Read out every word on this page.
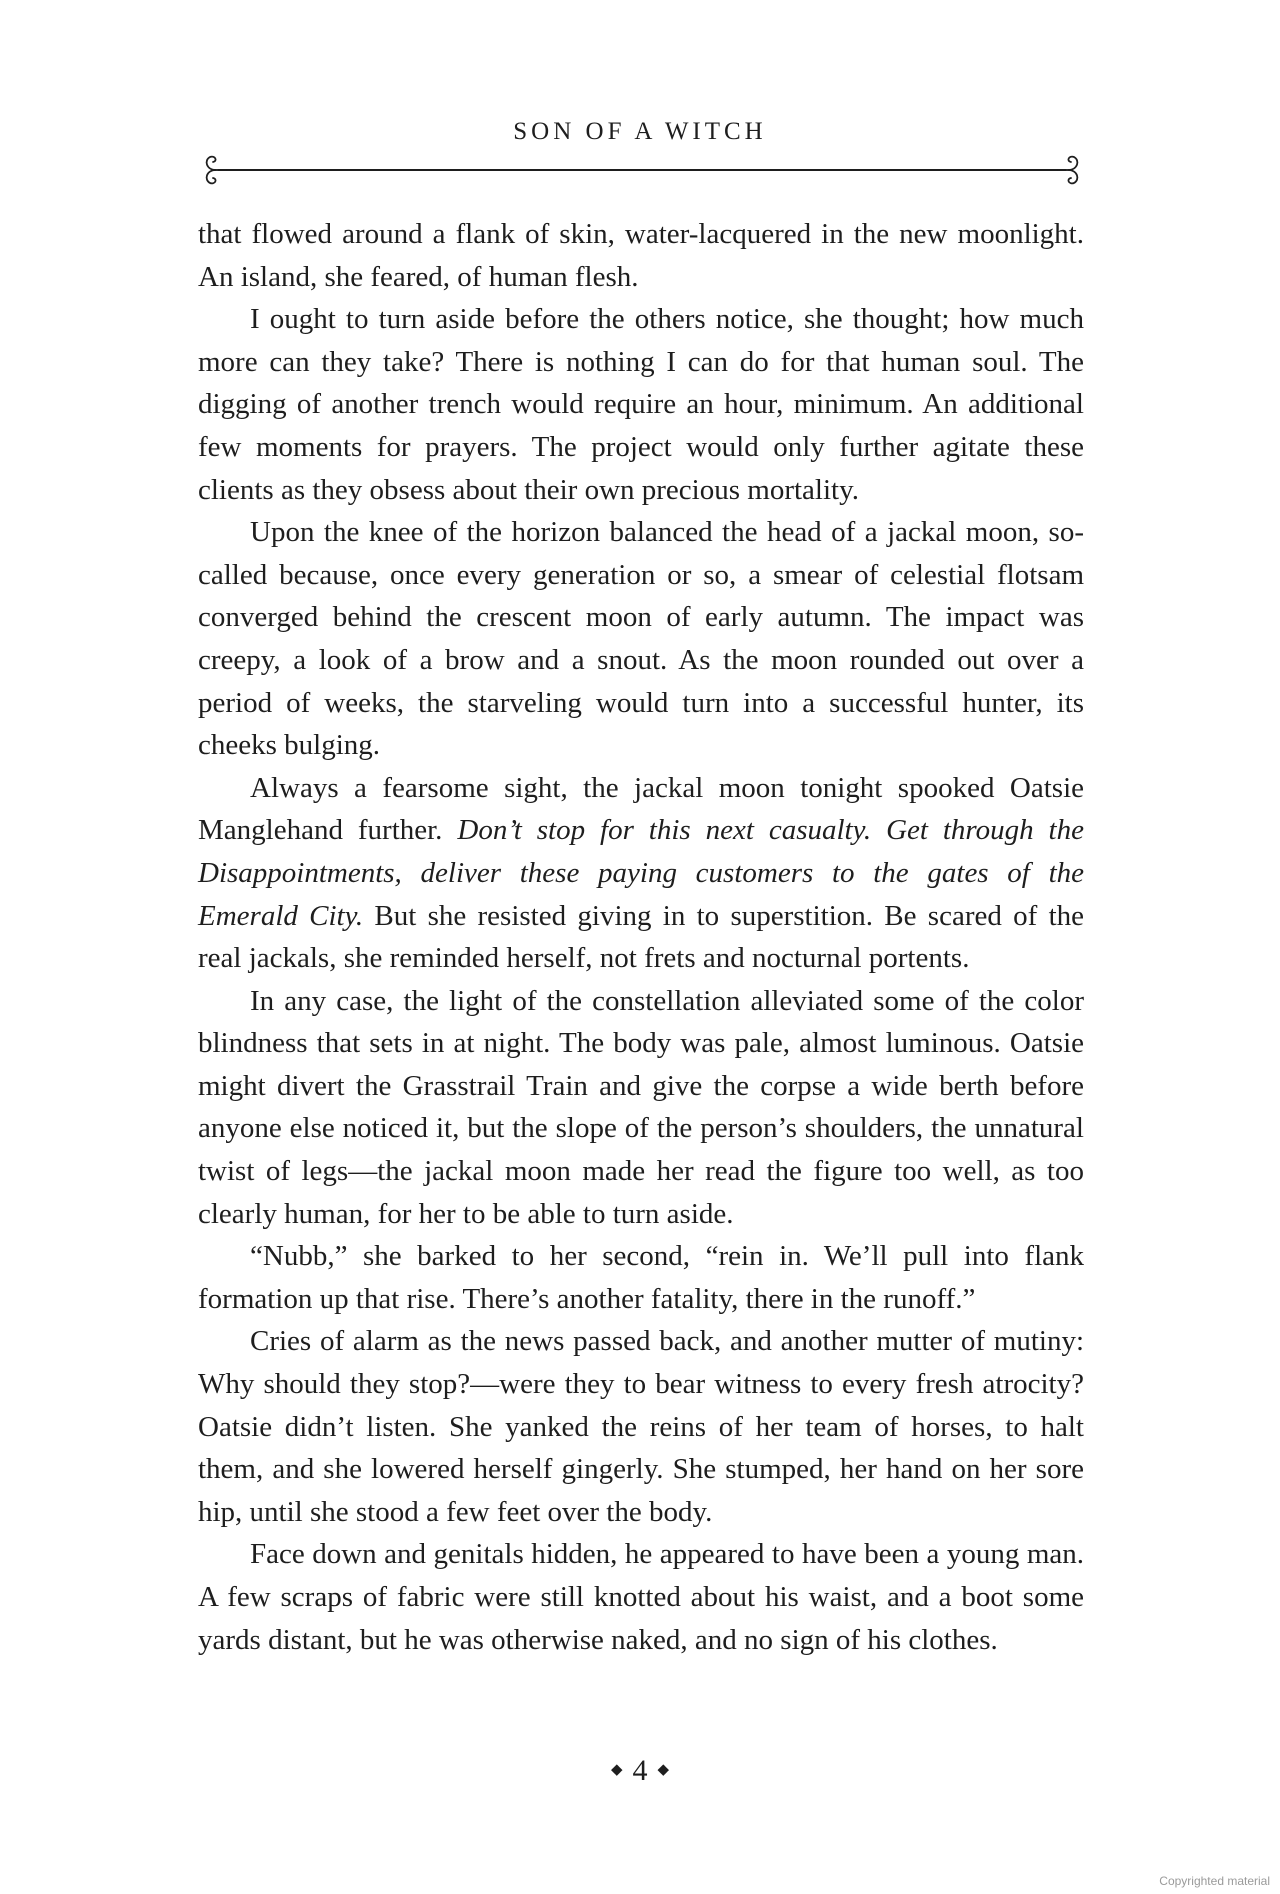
SON OF A WITCH

that flowed around a flank of skin, water-lacquered in the new moonlight. An island, she feared, of human flesh.

I ought to turn aside before the others notice, she thought; how much more can they take? There is nothing I can do for that human soul. The digging of another trench would require an hour, minimum. An additional few moments for prayers. The project would only further agitate these clients as they obsess about their own precious mortality.

Upon the knee of the horizon balanced the head of a jackal moon, so-called because, once every generation or so, a smear of celestial flotsam converged behind the crescent moon of early autumn. The impact was creepy, a look of a brow and a snout. As the moon rounded out over a period of weeks, the starveling would turn into a successful hunter, its cheeks bulging.

Always a fearsome sight, the jackal moon tonight spooked Oatsie Manglehand further. Don’t stop for this next casualty. Get through the Disappointments, deliver these paying customers to the gates of the Emerald City. But she resisted giving in to superstition. Be scared of the real jackals, she reminded herself, not frets and nocturnal portents.

In any case, the light of the constellation alleviated some of the color blindness that sets in at night. The body was pale, almost luminous. Oatsie might divert the Grasstrail Train and give the corpse a wide berth before anyone else noticed it, but the slope of the person’s shoulders, the unnatural twist of legs—the jackal moon made her read the figure too well, as too clearly human, for her to be able to turn aside.

“Nubb,” she barked to her second, “rein in. We’ll pull into flank formation up that rise. There’s another fatality, there in the runoff.”

Cries of alarm as the news passed back, and another mutter of mutiny: Why should they stop?—were they to bear witness to every fresh atrocity? Oatsie didn’t listen. She yanked the reins of her team of horses, to halt them, and she lowered herself gingerly. She stumped, her hand on her sore hip, until she stood a few feet over the body.

Face down and genitals hidden, he appeared to have been a young man. A few scraps of fabric were still knotted about his waist, and a boot some yards distant, but he was otherwise naked, and no sign of his clothes.

◆ 4 ◆
Copyrighted material
